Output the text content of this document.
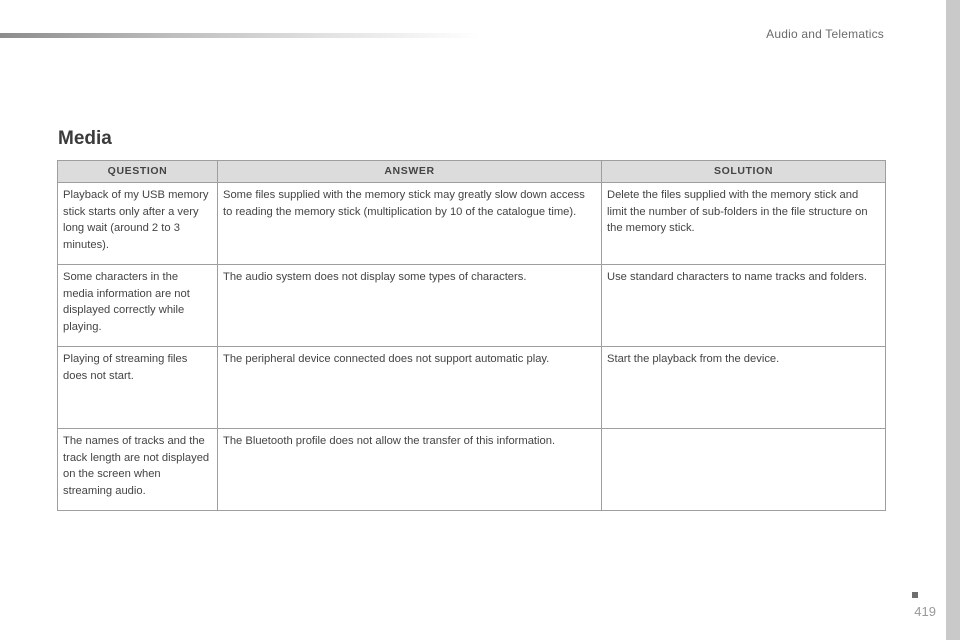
Audio and Telematics
Media
QUESTION	ANSWER	SOLUTION
Playback of my USB memory stick starts only after a very long wait (around 2 to 3 minutes).	Some files supplied with the memory stick may greatly slow down access to reading the memory stick (multiplication by 10 of the catalogue time).	Delete the files supplied with the memory stick and limit the number of sub-folders in the file structure on the memory stick.
Some characters in the media information are not displayed correctly while playing.	The audio system does not display some types of characters.	Use standard characters to name tracks and folders.
Playing of streaming files does not start.	The peripheral device connected does not support automatic play.	Start the playback from the device.
The names of tracks and the track length are not displayed on the screen when streaming audio.	The Bluetooth profile does not allow the transfer of this information.	
419
